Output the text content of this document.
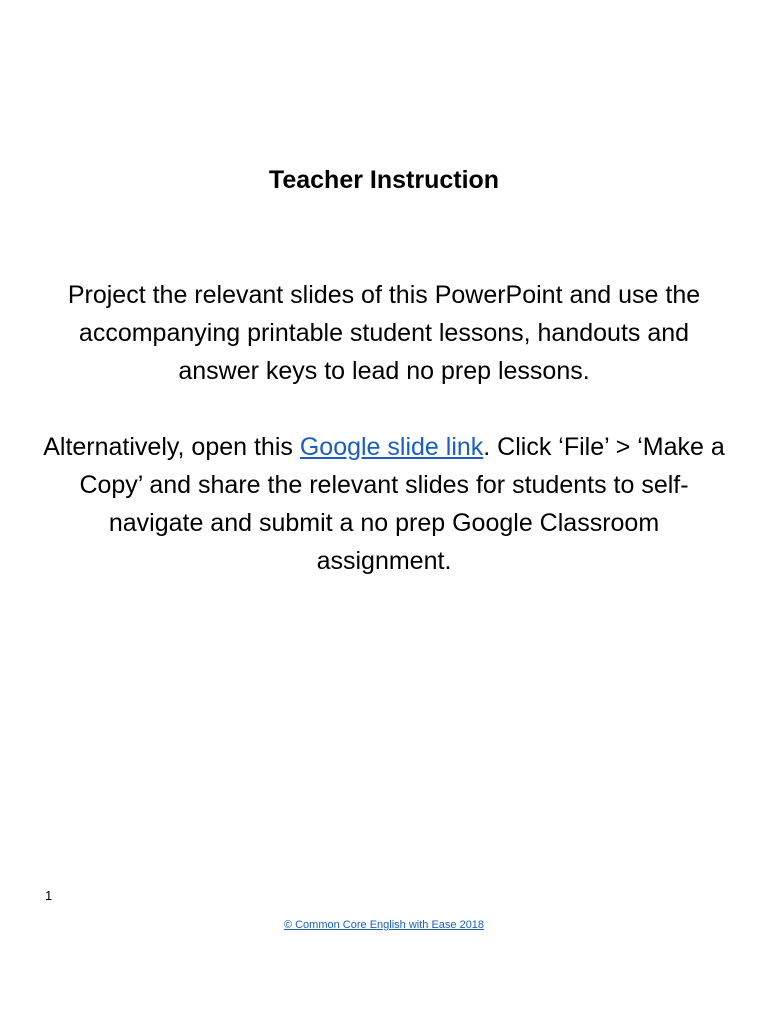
Teacher Instruction

Project the relevant slides of this PowerPoint and use the accompanying printable student lessons, handouts and answer keys to lead no prep lessons.

Alternatively, open this Google slide link. Click ‘File’ > ‘Make a Copy’ and share the relevant slides for students to self-navigate and submit a no prep Google Classroom assignment.

1
© Common Core English with Ease 2018
